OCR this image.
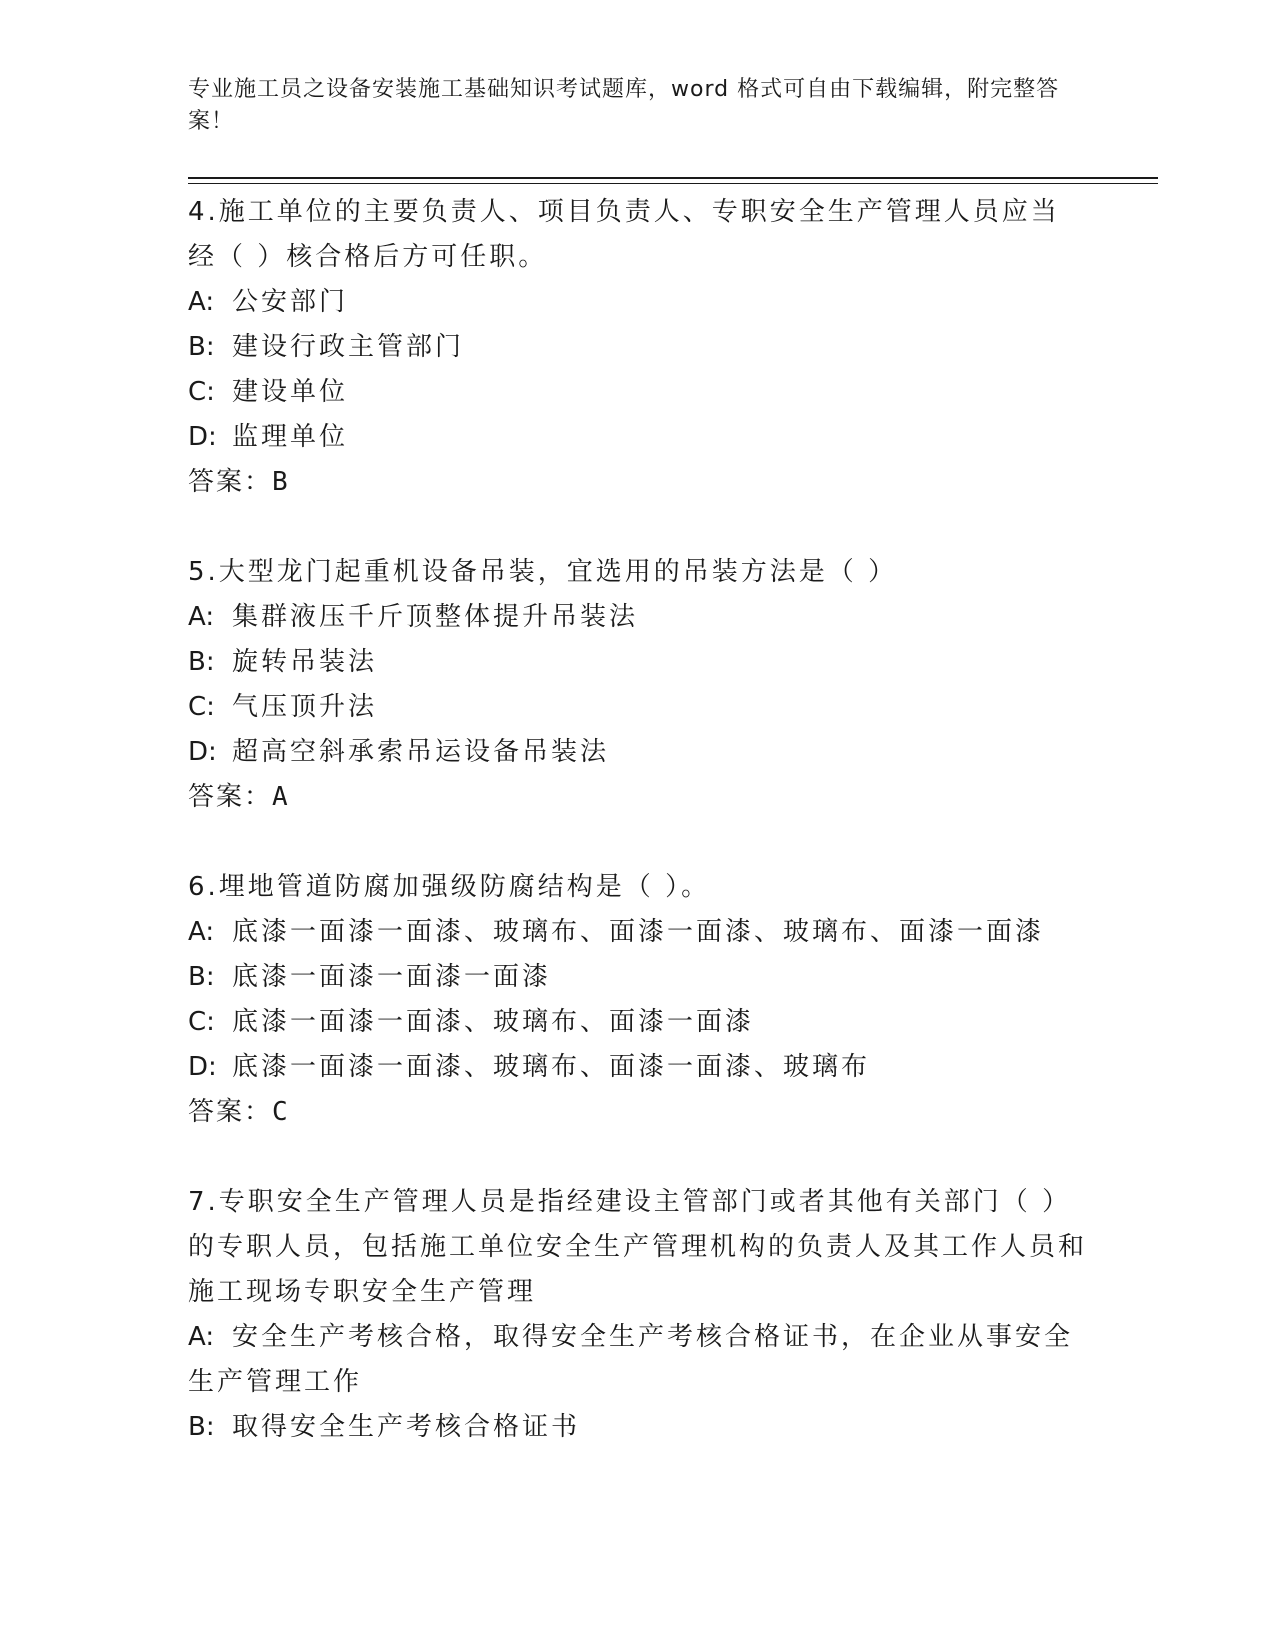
专业施工员之设备安装施工基础知识考试题库，word 格式可自由下载编辑，附完整答案！

4.施工单位的主要负责人、项目负责人、专职安全生产管理人员应当经（ ）核合格后方可任职。

A: 公安部门

B: 建设行政主管部门

C: 建设单位

D: 监理单位

答案：B

5.大型龙门起重机设备吊装，宜选用的吊装方法是（ ）

A: 集群液压千斤顶整体提升吊装法

B: 旋转吊装法

C: 气压顶升法

D: 超高空斜承索吊运设备吊装法

答案：A

6.埋地管道防腐加强级防腐结构是（ ）。

A: 底漆一面漆一面漆、玻璃布、面漆一面漆、玻璃布、面漆一面漆

B: 底漆一面漆一面漆一面漆

C: 底漆一面漆一面漆、玻璃布、面漆一面漆

D: 底漆一面漆一面漆、玻璃布、面漆一面漆、玻璃布

答案：C

7.专职安全生产管理人员是指经建设主管部门或者其他有关部门（ ）的专职人员，包括施工单位安全生产管理机构的负责人及其工作人员和施工现场专职安全生产管理

A: 安全生产考核合格，取得安全生产考核合格证书，在企业从事安全生产管理工作

B: 取得安全生产考核合格证书
